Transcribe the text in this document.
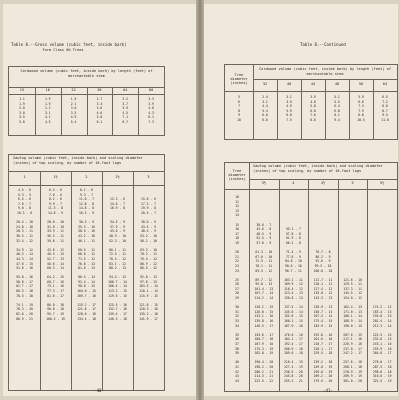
Table 8.--Gross volume (cubic feet, inside bark)
Form Class 80 Trees
Cordwood volume (cubic feet, inside bark) by length (feet) of merchantable stem
15	16	32	36	64	80
1.1	1.9	1.9	2.7	3.2	3.3
1.9	1.9	2.1	3.4	3.7	3.9
2.0	2.2	3.0	3.6	3.9	4.0
3.0	3.1	3.5	4.6	4.5	4.3
3.5	4.1	4.9	5.0	7.1	6.1
3.8	4.5	5.4	6.1	6.7	7.3
Sawlog volume (cubic feet, inside bark) and scaling diameter (inches) of top scaling, by number of 16-foot logs
1	1½	2	2½	3
4.5 - 6	6.4 - 6	8.1 - 6
5.3 - 5	7.0 - 6	9.3 - 7
6.5 - 6	8.2 - 6	11.0 - 7	12.3 - 6	15.0 - 6
7.6 - 7	9.9 - 7	12.8 - 8	14.6 - 7	17.3 - 7
9.0 - 8	11.3 - 8	14.8 - 8	16.9 - 8	19.9 - 8
10.3 - 8	14.8 - 9	16.3 - 9	20.5 - 7
20.4 - 10	28.6 - 10	30.3 - 9	34.5 - 9	38.0 - 9
24.8 - 10	31.0 - 10	35.3 - 10	37.9 - 9	43.5 - 9
28.3 - 11	33.9 - 11	38.5 - 10	43.6 - 9	48.4 - 9
30.5 - 11	36.5 - 11	43.2 - 10	48.9 - 10	53.2 - 10
32.4 - 12	39.8 - 11	46.1 - 11	52.3 - 10	58.2 - 10
34.9 - 12	43.8 - 12	60.5 - 11	66.1 - 11	63.3 - 10
40.3 - 14	48.5 - 13	66.0 - 12	72.5 - 11	70.2 - 11
44.3 - 14	52.7 - 13	71.5 - 12	78.4 - 12	76.4 - 12
47.8 - 15	56.6 - 14	76.8 - 13	83.1 - 12	80.9 - 12
51.6 - 16	60.3 - 14	81.6 - 13	88.2 - 13	86.5 - 12
55.0 - 16	64.2 - 15	86.5 - 14	94.4 - 13	92.0 - 13
58.8 - 17	68.7 - 16	92.4 - 14	100.7 - 14	97.8 - 13
62.7 - 17	73.1 - 16	98.0 - 15	106.4 - 14	103.5 - 14
66.3 - 18	77.3 - 17	104.0 - 15	113.2 - 15	110.1 - 14
70.3 - 18	81.6 - 17	109.7 - 16	119.5 - 15	115.9 - 15
74.1 - 19	86.0 - 18	115.2 - 17	125.5 - 16	121.8 - 15
78.3 - 20	90.8 - 18	121.8 - 17	132.7 - 16	128.9 - 16
82.6 - 20	95.7 - 19	128.0 - 18	139.4 - 17	135.2 - 16
86.9 - 21	100.5 - 19	134.4 - 18	146.3 - 18	141.9 - 17
-40-
Table 8.--Continued
Cordwood volume (cubic feet, inside bark) by length (feet) of merchantable stem
Tree diameter (inches)	32	40	44	48	56	64
5	2.4	3.1	3.9	5.1	5.9	6.5
6	3.1	3.9	4.8	5.5	6.6	7.2
7	4.4	4.9	5.8	6.4	7.3	8.0
8	5.4	5.9	6.8	6.8	7.9	8.7
9	6.0	6.8	7.6	8.1	8.8	9.5
10	6.6	7.5	8.6	9.4	10.5	11.0
Sawlog volume (cubic feet, inside bark) and scaling diameter (inches) of top scaling, by number of 16-foot logs
Tree diameter (inches)
3½	4	4½	5	5½
10
11
12
13
14
15	38.0 - 7
16	43.6 - 8	55.1 - 7
17	48.5 - 9	57.8 - 8
18	52.5 - 9	61.9 - 8
19	57.0 - 9	66.2 - 8
20	61.3 - 10	71.4 - 9	78.7 - 8
21	67.0 - 10	77.8 - 9	86.2 - 9
22	72.5 - 11	84.0 - 10	92.6 - 9
23	78.1 - 11	90.6 - 10	99.3 - 10
24	83.5 - 12	96.7 - 11	106.0 - 10
25	89.7 - 12	103.1 - 11	112.7 - 11	121.6 - 10
26	95.8 - 13	109.9 - 12	120.1 - 11	129.5 - 11
27	101.4 - 13	116.4 - 12	127.4 - 12	137.3 - 11
28	107.7 - 14	123.4 - 13	135.0 - 12	145.5 - 12
29	114.2 - 14	130.8 - 13	143.3 - 13	154.0 - 12
30	120.2 - 15	137.5 - 14	150.9 - 13	162.4 - 13	174.2 - 12
31	126.8 - 15	145.0 - 14	158.7 - 14	171.0 - 13	183.4 - 13
32	133.1 - 16	152.6 - 15	167.2 - 14	180.1 - 14	193.0 - 13
33	139.8 - 16	160.1 - 15	175.4 - 15	188.9 - 14	202.4 - 14
34	146.5 - 17	167.9 - 16	183.9 - 15	198.0 - 15	212.3 - 14
35	153.6 - 17	176.0 - 16	192.8 - 16	207.6 - 15	222.5 - 15
36	160.7 - 18	184.1 - 17	201.6 - 16	217.1 - 16	232.6 - 15
37	167.9 - 18	192.4 - 17	210.7 - 17	226.9 - 16	243.1 - 16
38	175.3 - 19	200.9 - 18	220.1 - 17	237.0 - 17	253.9 - 16
39	182.8 - 19	209.6 - 18	229.5 - 18	247.2 - 17	264.8 - 17
40	190.4 - 20	218.4 - 19	239.2 - 18	257.6 - 18	276.0 - 17
41	198.2 - 20	227.3 - 19	249.0 - 19	268.1 - 18	287.3 - 18
42	206.2 - 21	236.5 - 20	259.0 - 19	278.9 - 19	298.8 - 18
43	214.3 - 21	245.8 - 20	269.2 - 20	289.9 - 19	310.6 - 19
44	222.5 - 22	255.2 - 21	279.5 - 20	301.0 - 20	322.5 - 19
-41-
